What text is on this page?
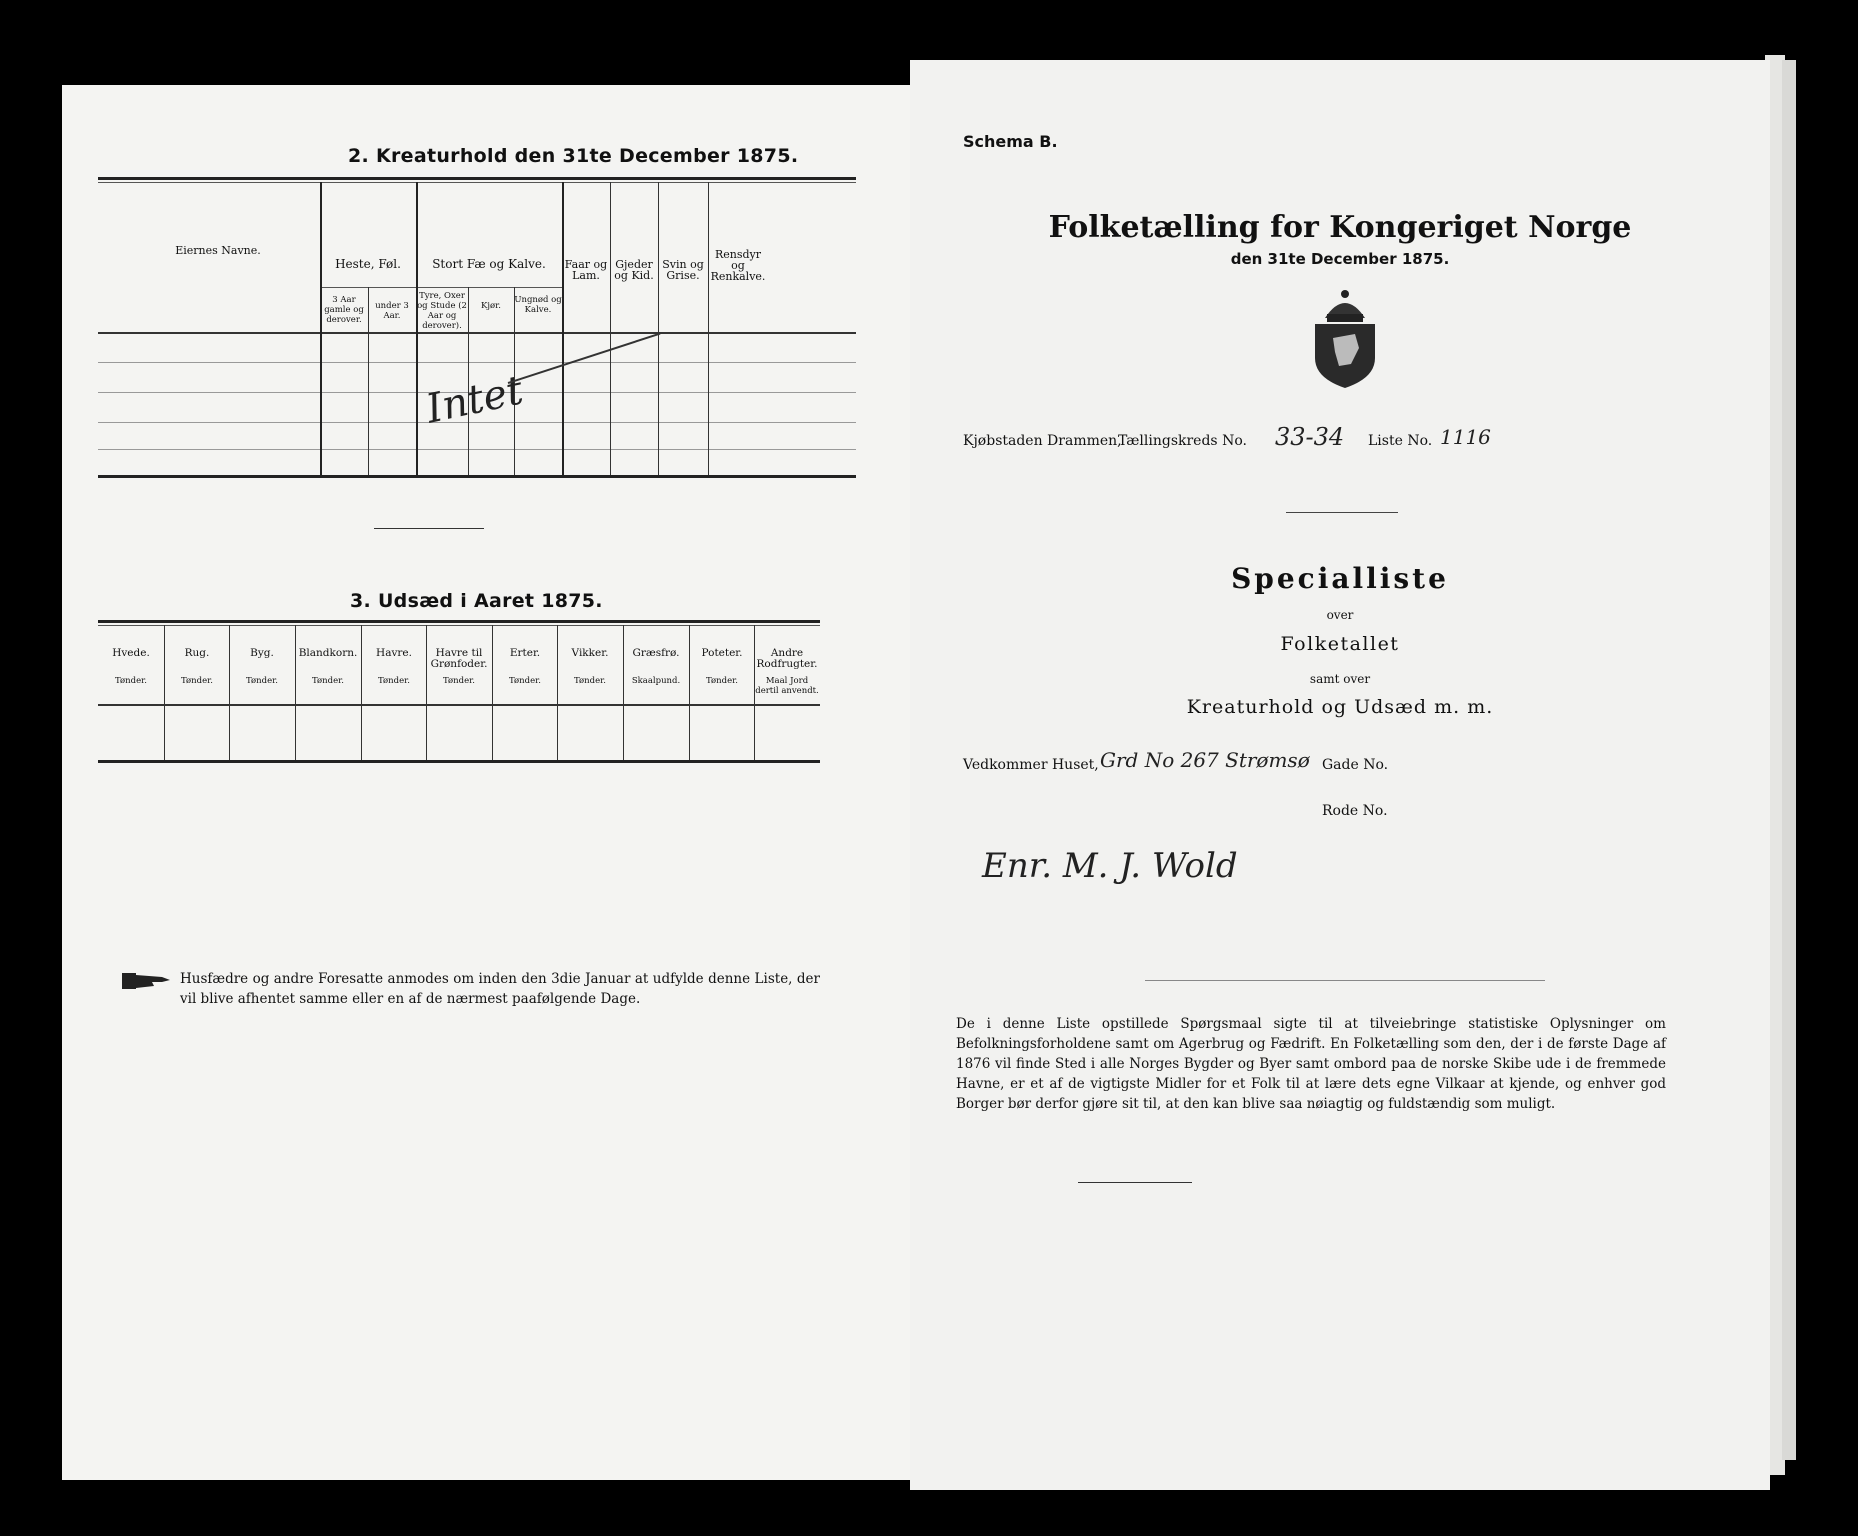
2. Kreaturhold den 31te December 1875.
Eiernes Navne.
Heste, Føl.
3 Aar gamle og derover.
under 3 Aar.
Stort Fæ og Kalve.
Tyre, Oxer og Stude (2 Aar og derover).
Kjør.
Ungnød og Kalve.
Faar og Lam.
Gjeder og Kid.
Svin og Grise.
Rensdyr og Renkalve.
Intet
3. Udsæd i Aaret 1875.
Hvede.
Tønder.
Rug.
Tønder.
Byg.
Tønder.
Blandkorn.
Tønder.
Havre.
Tønder.
Havre til Grønfoder.
Tønder.
Erter.
Tønder.
Vikker.
Tønder.
Græsfrø.
Skaalpund.
Poteter.
Tønder.
Andre Rodfrugter.
Maal Jord dertil anvendt.
Husfædre og andre Foresatte anmodes om inden den 3die Januar at udfylde denne Liste, der vil blive afhentet samme eller en af de nærmest paafølgende Dage.
Schema B.
Folketælling for Kongeriget Norge
den 31te December 1875.
Kjøbstaden Drammen,
Tællingskreds No. 33-34 Liste No. 1116
Specialliste
over
Folketallet
samt over
Kreaturhold og Udsæd m. m.
Vedkommer Huset, Grd No 267 Strømsø Gade No.
Rode No.
Enr. M. J. Wold
De i denne Liste opstillede Spørgsmaal sigte til at tilveiebringe statistiske Oplysninger om Befolkningsforholdene samt om Agerbrug og Fædrift. En Folketælling som den, der i de første Dage af 1876 vil finde Sted i alle Norges Bygder og Byer samt ombord paa de norske Skibe ude i de fremmede Havne, er et af de vigtigste Midler for et Folk til at lære dets egne Vilkaar at kjende, og enhver god Borger bør derfor gjøre sit til, at den kan blive saa nøiagtig og fuldstændig som muligt.
